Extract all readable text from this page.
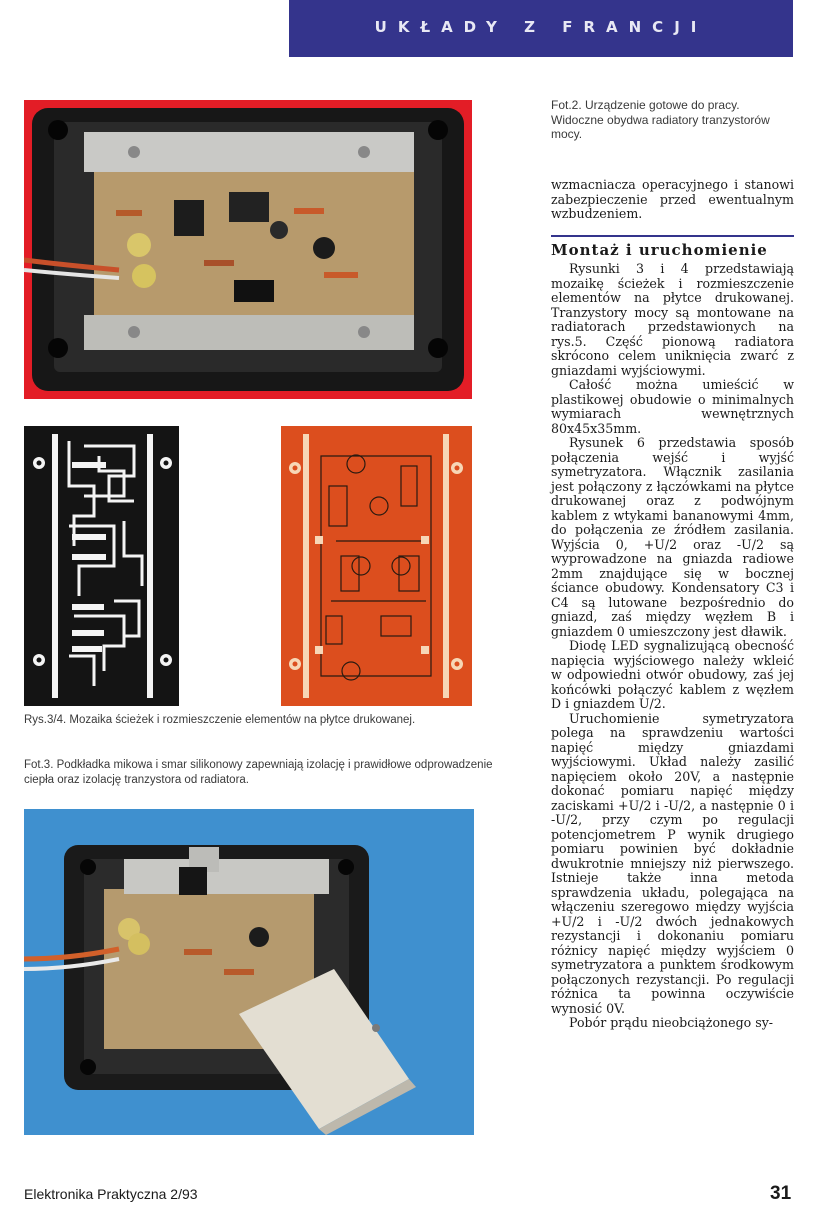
UKŁADY Z FRANCJI
Fot.2. Urządzenie gotowe do pracy. Widoczne obydwa radiatory tranzystorów mocy.
Rys.3/4. Mozaika ścieżek i rozmieszczenie elementów na płytce drukowanej.
Fot.3. Podkładka mikowa i smar silikonowy zapewniają izolację i prawidłowe odprowadzenie ciepła oraz izolację tranzystora od radiatora.

wzmacniacza operacyjnego i stanowi zabezpieczenie przed ewentualnym wzbudzeniem.

Montaż i uruchomienie

Rysunki 3 i 4 przedstawiają mozaikę ścieżek i rozmieszczenie elementów na płytce drukowanej. Tranzystory mocy są montowane na radiatorach przedstawionych na rys.5. Część pionową radiatora skrócono celem uniknięcia zwarć z gniazdami wyjściowymi.

Całość można umieścić w plastikowej obudowie o minimalnych wymiarach wewnętrznych 80x45x35mm.

Rysunek 6 przedstawia sposób połączenia wejść i wyjść symetryzatora. Włącznik zasilania jest połączony z łączówkami na płytce drukowanej oraz z podwójnym kablem z wtykami bananowymi 4mm, do połączenia ze źródłem zasilania. Wyjścia 0, +U/2 oraz -U/2 są wyprowadzone na gniazda radiowe 2mm znajdujące się w bocznej ściance obudowy. Kondensatory C3 i C4 są lutowane bezpośrednio do gniazd, zaś między węzłem B i gniazdem 0 umieszczony jest dławik.

Diodę LED sygnalizującą obecność napięcia wyjściowego należy wkleić w odpowiedni otwór obudowy, zaś jej końcówki połączyć kablem z węzłem D i gniazdem U/2.

Uruchomienie symetryzatora polega na sprawdzeniu wartości napięć między gniazdami wyjściowymi. Układ należy zasilić napięciem około 20V, a następnie dokonać pomiaru napięć między zaciskami +U/2 i -U/2, a następnie 0 i -U/2, przy czym po regulacji potencjometrem P wynik drugiego pomiaru powinien być dokładnie dwukrotnie mniejszy niż pierwszego. Istnieje także inna metoda sprawdzenia układu, polegająca na włączeniu szeregowo między wyjścia +U/2 i -U/2 dwóch jednakowych rezystancji i dokonaniu pomiaru różnicy napięć między wyjściem 0 symetryzatora a punktem środkowym połączonych rezystancji. Po regulacji różnica ta powinna oczywiście wynosić 0V.

Pobór prądu nieobciążonego sy-

Elektronika Praktyczna 2/93	31
